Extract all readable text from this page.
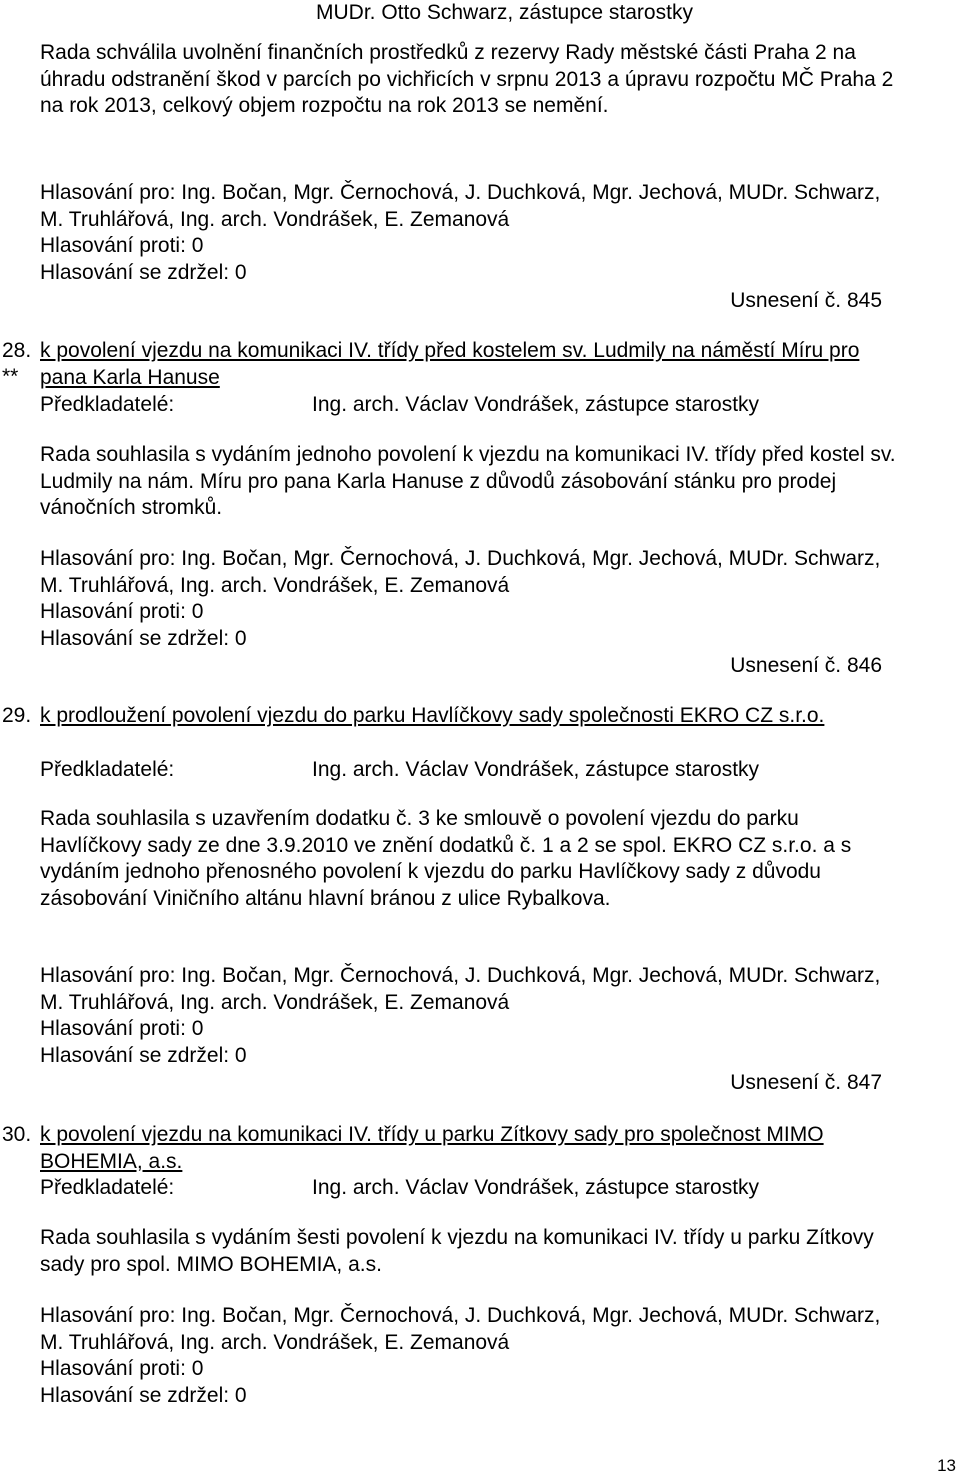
MUDr. Otto Schwarz, zástupce starostky

Rada schválila uvolnění finančních prostředků z rezervy Rady městské části Praha 2 na úhradu odstranění škod v parcích po vichřicích v srpnu 2013 a úpravu rozpočtu MČ Praha 2 na rok 2013, celkový objem rozpočtu na rok 2013 se nemění.

Hlasování pro: Ing. Bočan, Mgr. Černochová, J. Duchková, Mgr. Jechová, MUDr. Schwarz, M. Truhlářová, Ing. arch. Vondrášek, E. Zemanová

Hlasování proti: 0

Hlasování se zdržel: 0

Usnesení č. 845

28.
**

k povolení vjezdu na komunikaci IV. třídy před kostelem sv. Ludmily na náměstí Míru pro pana Karla Hanuse

Předkladatelé:	Ing. arch. Václav Vondrášek, zástupce starostky

Rada souhlasila s vydáním jednoho povolení k vjezdu na komunikaci IV. třídy před kostel sv. Ludmily na nám. Míru pro pana Karla Hanuse z důvodů zásobování stánku pro prodej vánočních stromků.

Hlasování pro: Ing. Bočan, Mgr. Černochová, J. Duchková, Mgr. Jechová, MUDr. Schwarz, M. Truhlářová, Ing. arch. Vondrášek, E. Zemanová

Hlasování proti: 0

Hlasování se zdržel: 0

Usnesení č. 846

29. k prodloužení povolení vjezdu do parku Havlíčkovy sady společnosti EKRO CZ s.r.o.

Předkladatelé:	Ing. arch. Václav Vondrášek, zástupce starostky

Rada souhlasila s uzavřením dodatku č. 3 ke smlouvě o povolení vjezdu do parku Havlíčkovy sady ze dne 3.9.2010 ve znění dodatků č. 1 a 2 se spol. EKRO CZ s.r.o. a s vydáním jednoho přenosného povolení k vjezdu do parku Havlíčkovy sady z důvodu zásobování Viničního altánu hlavní bránou z ulice Rybalkova.

Hlasování pro: Ing. Bočan, Mgr. Černochová, J. Duchková, Mgr. Jechová, MUDr. Schwarz, M. Truhlářová, Ing. arch. Vondrášek, E. Zemanová

Hlasování proti: 0

Hlasování se zdržel: 0

Usnesení č. 847

30. k povolení vjezdu na komunikaci IV. třídy u parku Zítkovy sady pro společnost MIMO BOHEMIA, a.s.

Předkladatelé:	Ing. arch. Václav Vondrášek, zástupce starostky

Rada souhlasila s vydáním šesti povolení k vjezdu na komunikaci IV. třídy u parku Zítkovy sady pro spol. MIMO BOHEMIA, a.s.

Hlasování pro: Ing. Bočan, Mgr. Černochová, J. Duchková, Mgr. Jechová, MUDr. Schwarz, M. Truhlářová, Ing. arch. Vondrášek, E. Zemanová

Hlasování proti: 0

Hlasování se zdržel: 0

13
